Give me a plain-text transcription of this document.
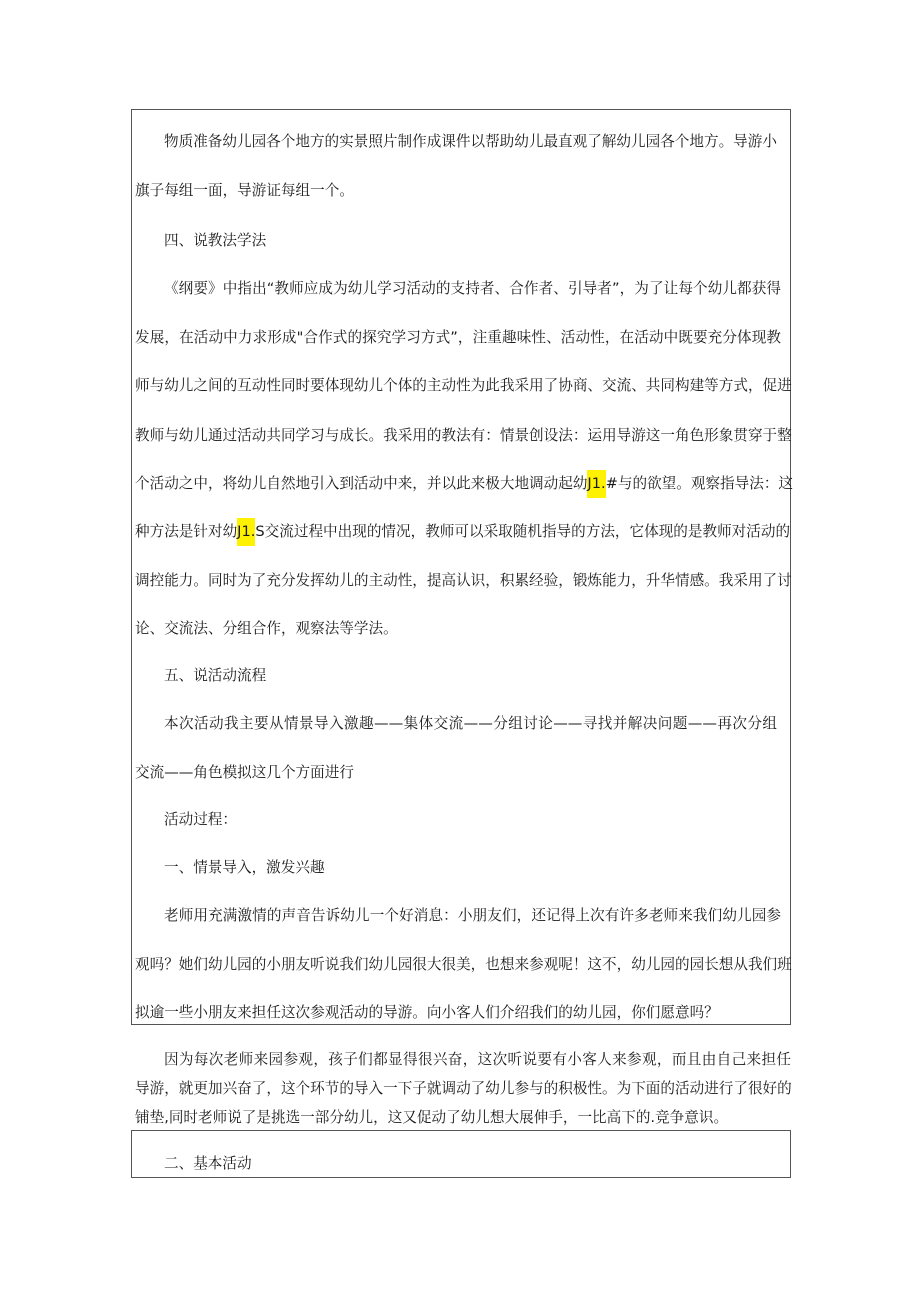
物质准备幼儿园各个地方的实景照片制作成课件以帮助幼儿最直观了解幼儿园各个地方。导游小
旗子每组一面，导游证每组一个。
四、说教法学法
《纲要》中指出“教师应成为幼儿学习活动的支持者、合作者、引导者”，为了让每个幼儿都获得
发展，在活动中力求形成"合作式的探究学习方式”，注重趣味性、活动性，在活动中既要充分体现教
师与幼儿之间的互动性同时要体现幼儿个体的主动性为此我采用了协商、交流、共同构建等方式，促进
教师与幼儿通过活动共同学习与成长。我采用的教法有：情景创设法：运用导游这一角色形象贯穿于整
个活动之中，将幼儿自然地引入到活动中来，并以此来极大地调动起幼 J1. #与的欲望。观察指导法：这
种方法是针对幼 J1. S交流过程中出现的情况，教师可以采取随机指导的方法，它体现的是教师对活动的
调控能力。同时为了充分发挥幼儿的主动性，提高认识，积累经验，锻炼能力，升华情感。我采用了讨
论、交流法、分组合作，观察法等学法。
五、说活动流程
本次活动我主要从情景导入激趣——集体交流——分组讨论——寻找并解决问题——再次分组
交流——角色模拟这几个方面进行
活动过程：
一、情景导入，激发兴趣
老师用充满激情的声音告诉幼儿一个好消息：小朋友们，还记得上次有许多老师来我们幼儿园参
观吗？她们幼儿园的小朋友听说我们幼儿园很大很美，也想来参观呢！这不，幼儿园的园长想从我们班
拟逾一些小朋友来担任这次参观活动的导游。向小客人们介绍我们的幼儿园，你们愿意吗？
因为每次老师来园参观，孩子们都显得很兴奋，这次听说要有小客人来参观，而且由自己来担任
导游，就更加兴奋了，这个环节的导入一下子就调动了幼儿参与的积极性。为下面的活动进行了很好的
铺垫,同时老师说了是挑选一部分幼儿，这又促动了幼儿想大展伸手，一比高下的.竞争意识。
二、基本活动
